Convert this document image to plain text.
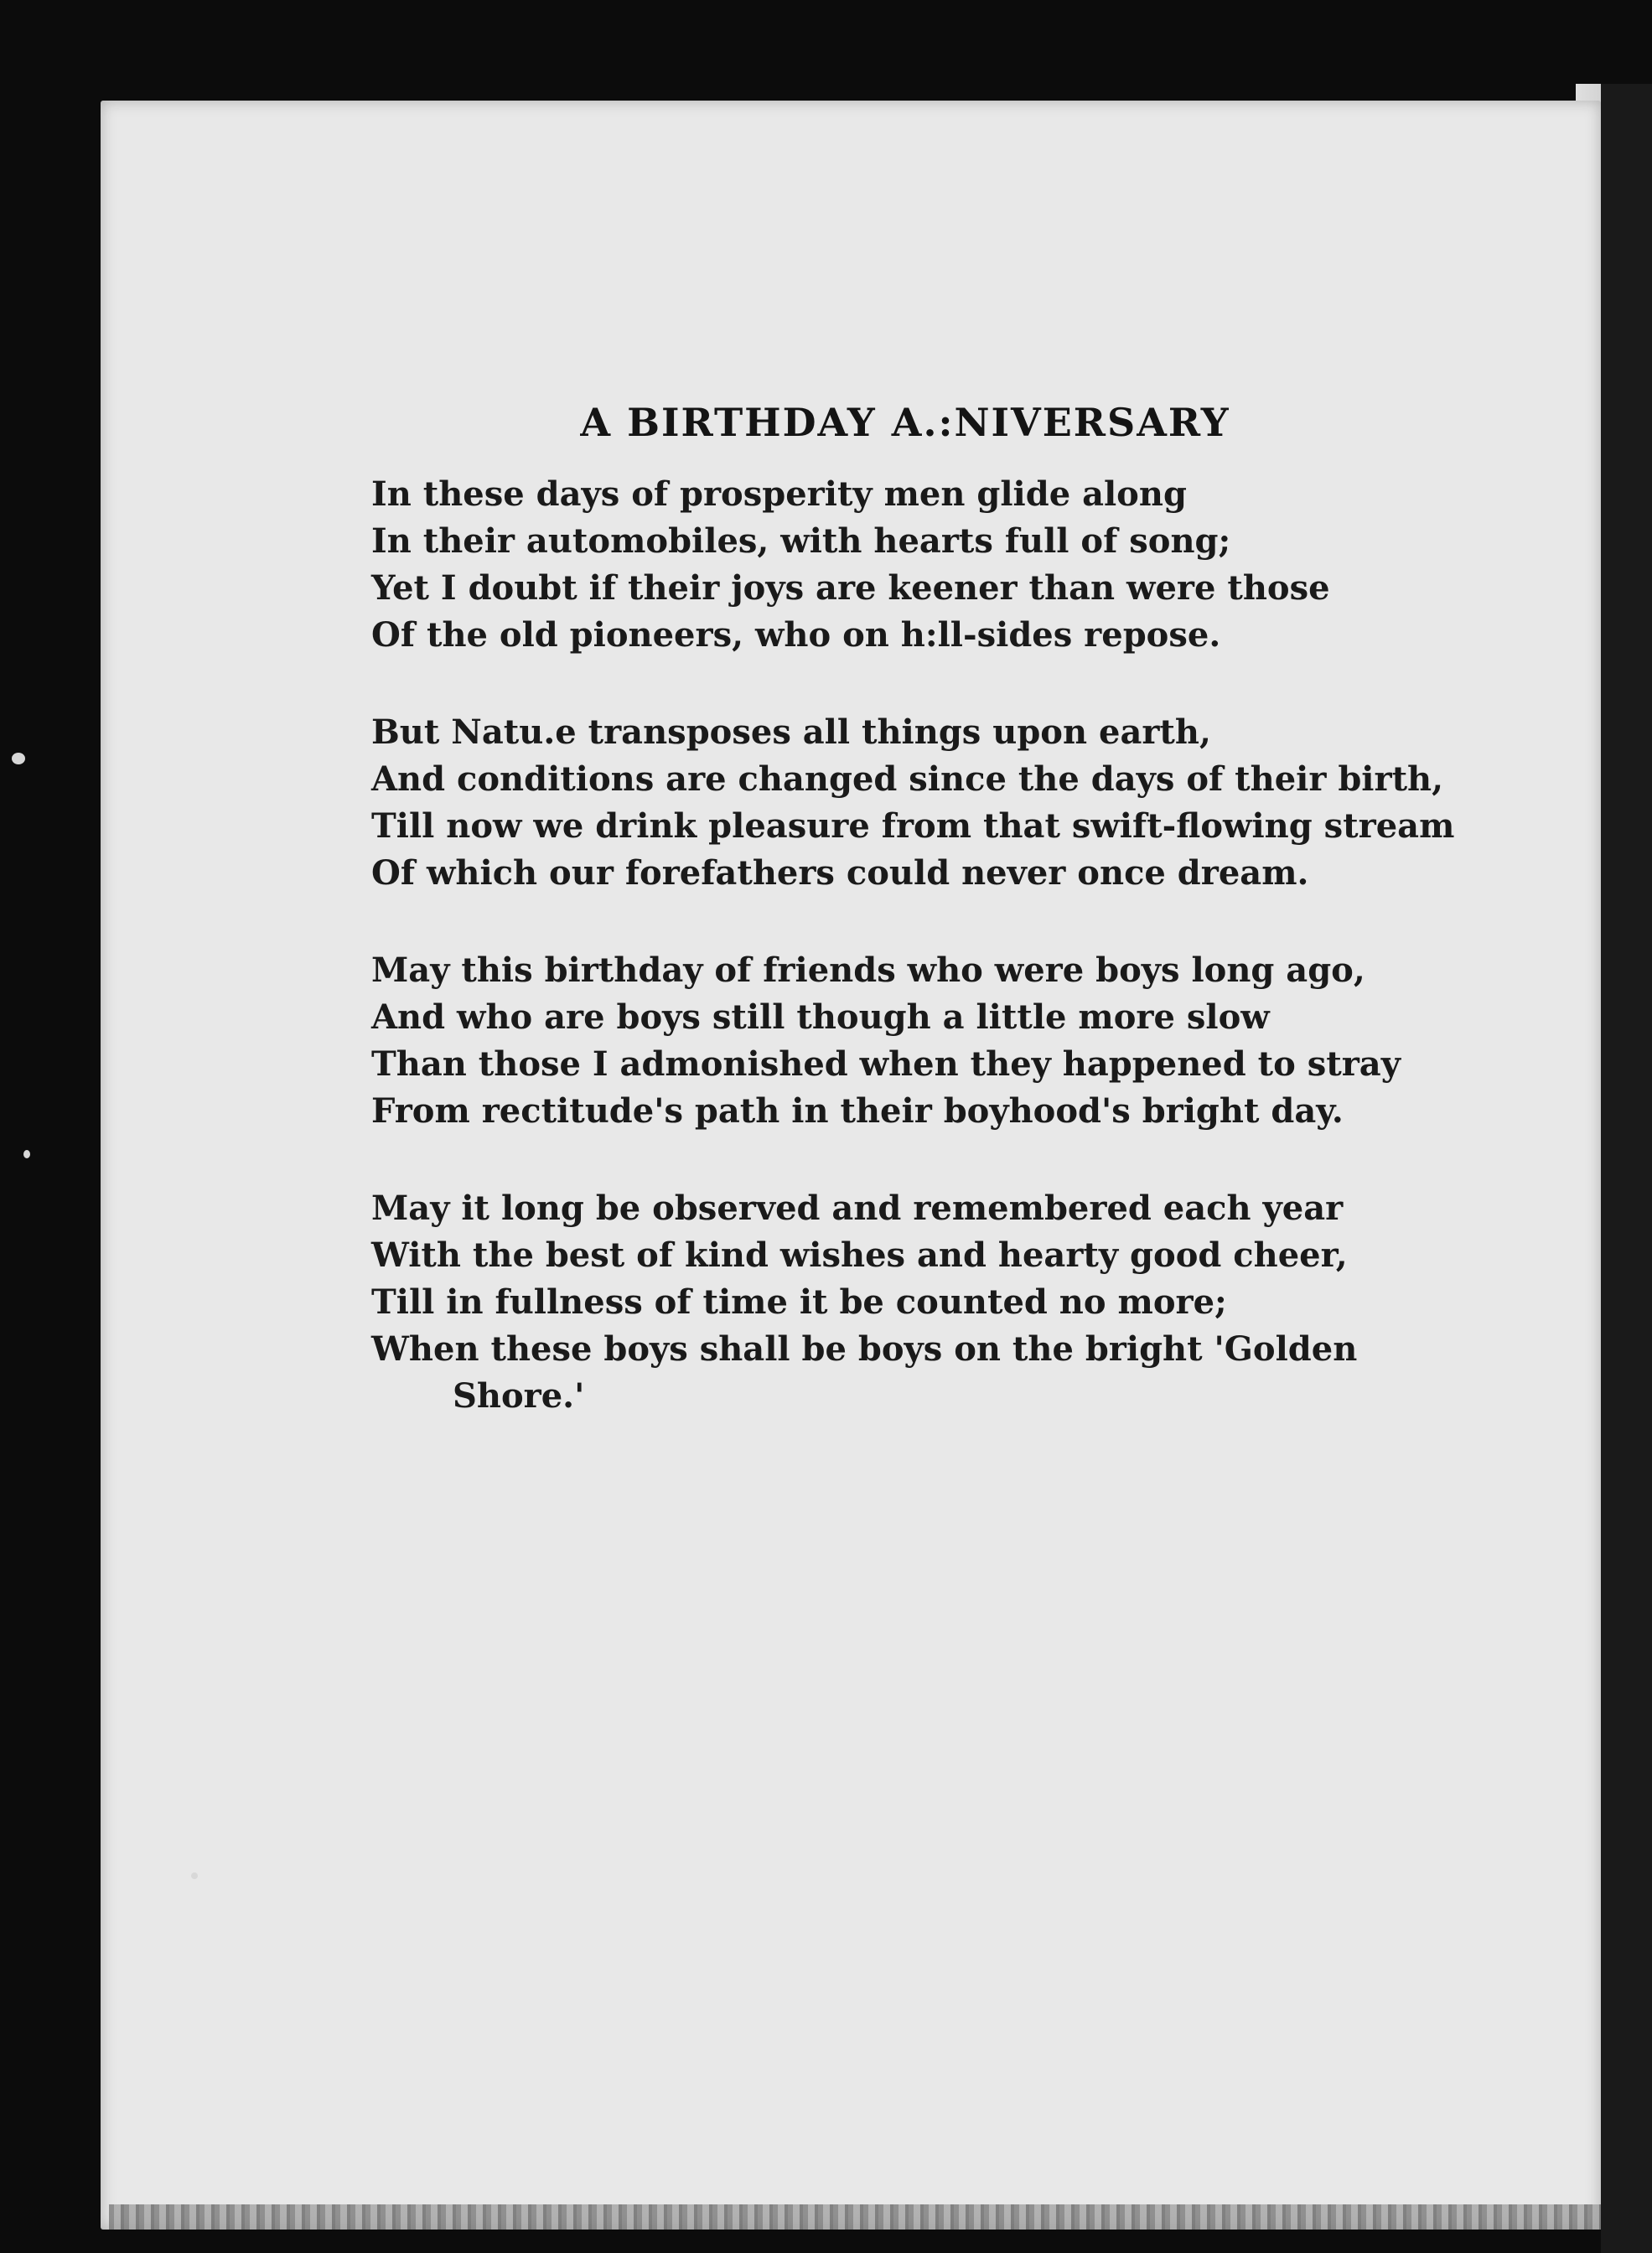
A BIRTHDAY A.:NIVERSARY
In these days of prosperity men glide along
In their automobiles, with hearts full of song;
Yet I doubt if their joys are keener than were those
Of the old pioneers, who on h:ll-sides repose.
But Natu.e transposes all things upon earth,
And conditions are changed since the days of their birth,
Till now we drink pleasure from that swift-flowing stream
Of which our forefathers could never once dream.
May this birthday of friends who were boys long ago,
And who are boys still though a little more slow
Than those I admonished when they happened to stray
From rectitude's path in their boyhood's bright day.
May it long be observed and remembered each year
With the best of kind wishes and hearty good cheer,
Till in fullness of time it be counted no more;
When these boys shall be boys on the bright 'Golden
Shore.'
